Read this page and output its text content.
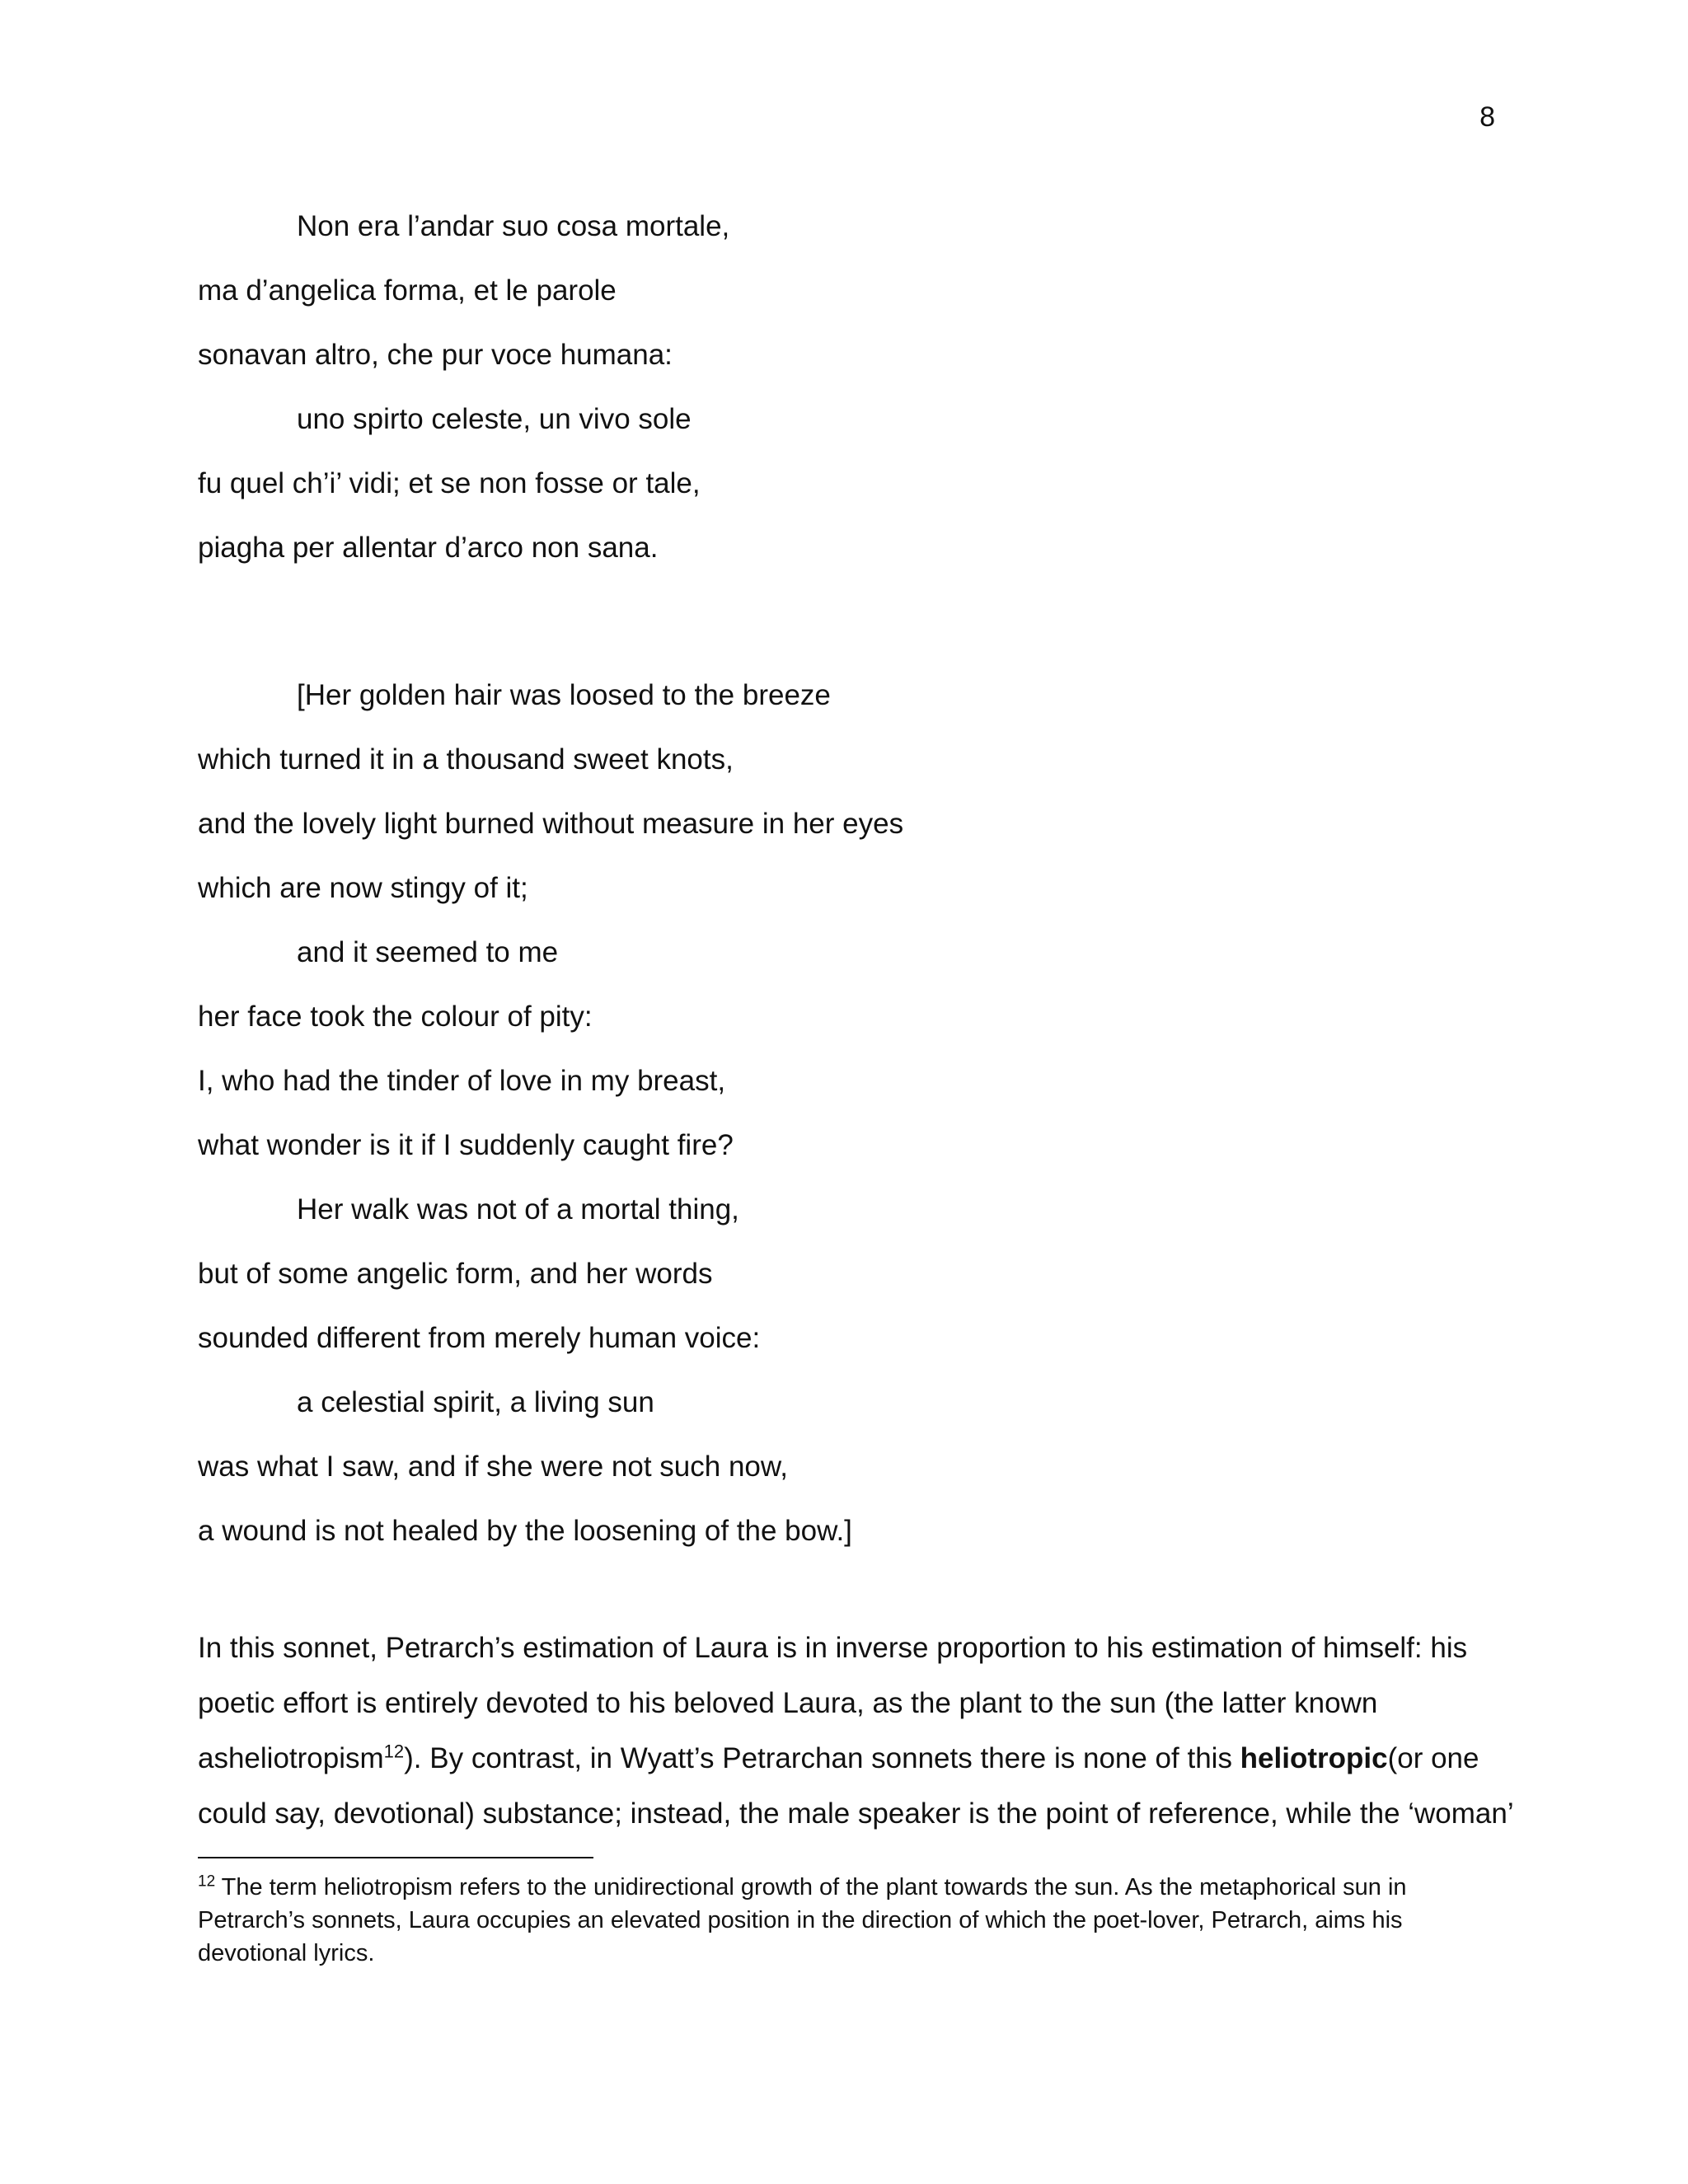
8
Non era l’andar suo cosa mortale,
ma d’angelica forma, et le parole
sonavan altro, che pur voce humana:
uno spirto celeste, un vivo sole
fu quel ch’i’ vidi; et se non fosse or tale,
piagha per allentar d’arco non sana.
[Her golden hair was loosed to the breeze
which turned it in a thousand sweet knots,
and the lovely light burned without measure in her eyes
which are now stingy of it;
and it seemed to me
her face took the colour of pity:
I, who had the tinder of love in my breast,
what wonder is it if I suddenly caught fire?
Her walk was not of a mortal thing,
but of some angelic form, and her words
sounded different from merely human voice:
a celestial spirit, a living sun
was what I saw, and if she were not such now,
a wound is not healed by the loosening of the bow.]
In this sonnet, Petrarch’s estimation of Laura is in inverse proportion to his estimation of himself: his
poetic effort is entirely devoted to his beloved Laura, as the plant to the sun (the latter known
asheliotropism$^{12}$). By contrast, in Wyatt’s Petrarchan sonnets there is none of this heliotropic(or one
could say, devotional) substance; instead, the male speaker is the point of reference, while the ‘woman’
$^{12}$ The term heliotropism refers to the unidirectional growth of the plant towards the sun. As the metaphorical sun in Petrarch’s sonnets, Laura occupies an elevated position in the direction of which the poet-lover, Petrarch, aims his devotional lyrics.
